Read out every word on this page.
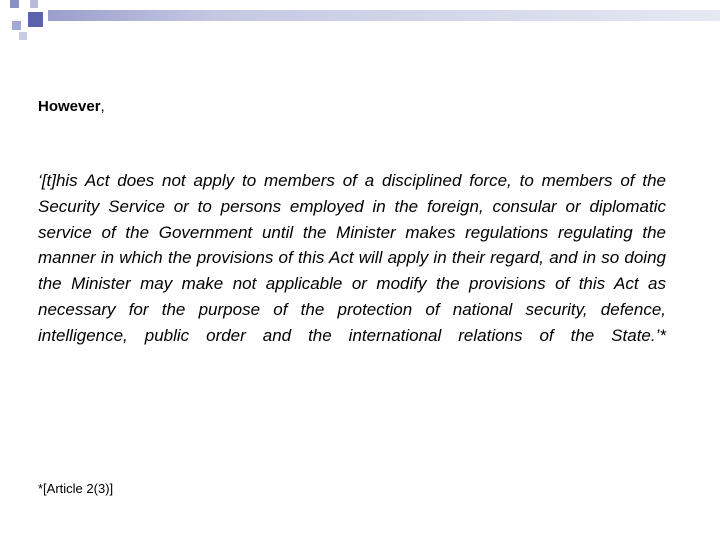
However,

‘[t]his Act does not apply to members of a disciplined force, to members of the Security Service or to persons employed in the foreign, consular or diplomatic service of the Government until the Minister makes regulations regulating the manner in which the provisions of this Act will apply in their regard, and in so doing the Minister may make not applicable or modify the provisions of this Act as necessary for the purpose of the protection of national security, defence, intelligence, public order and the international relations of the State.’*

*[Article 2(3)]
